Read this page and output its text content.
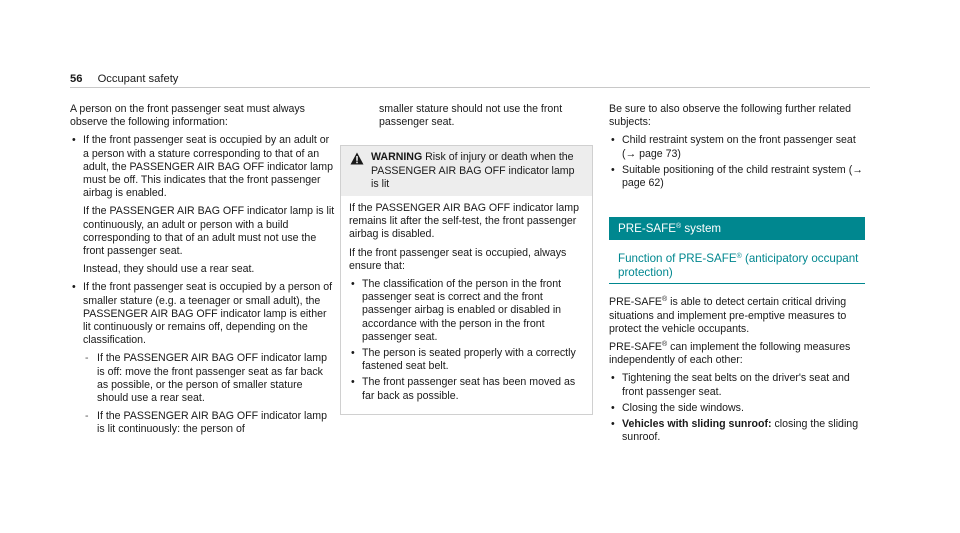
56 Occupant safety

A person on the front passenger seat must always observe the following information:

• If the front passenger seat is occupied by an adult or a person with a stature corresponding to that of an adult, the PASSENGER AIR BAG OFF indicator lamp must be off. This indicates that the front passenger airbag is enabled.

If the PASSENGER AIR BAG OFF indicator lamp is lit continuously, an adult or person with a build corresponding to that of an adult must not use the front passenger seat.

Instead, they should use a rear seat.

• If the front passenger seat is occupied by a person of smaller stature (e.g. a teenager or small adult), the PASSENGER AIR BAG OFF indicator lamp is either lit continuously or remains off, depending on the classification.

- If the PASSENGER AIR BAG OFF indicator lamp is off: move the front passenger seat as far back as possible, or the person of smaller stature should use a rear seat.
- If the PASSENGER AIR BAG OFF indicator lamp is lit continuously: the person of
smaller stature should not use the front passenger seat.
WARNING Risk of injury or death when the PASSENGER AIR BAG OFF indicator lamp is lit

If the PASSENGER AIR BAG OFF indicator lamp remains lit after the self-test, the front passenger airbag is disabled.

If the front passenger seat is occupied, always ensure that:

• The classification of the person in the front passenger seat is correct and the front passenger airbag is enabled or disabled in accordance with the person in the front passenger seat.
• The person is seated properly with a correctly fastened seat belt.
• The front passenger seat has been moved as far back as possible.

Be sure to also observe the following further related subjects:

• Child restraint system on the front passenger seat (→ page 73)
• Suitable positioning of the child restraint system (→ page 62)
PRE-SAFE® system
Function of PRE-SAFE® (anticipatory occupant protection)

PRE-SAFE® is able to detect certain critical driving situations and implement pre-emptive measures to protect the vehicle occupants.

PRE-SAFE® can implement the following measures independently of each other:

• Tightening the seat belts on the driver's seat and front passenger seat.
• Closing the side windows.
• Vehicles with sliding sunroof: closing the sliding sunroof.
